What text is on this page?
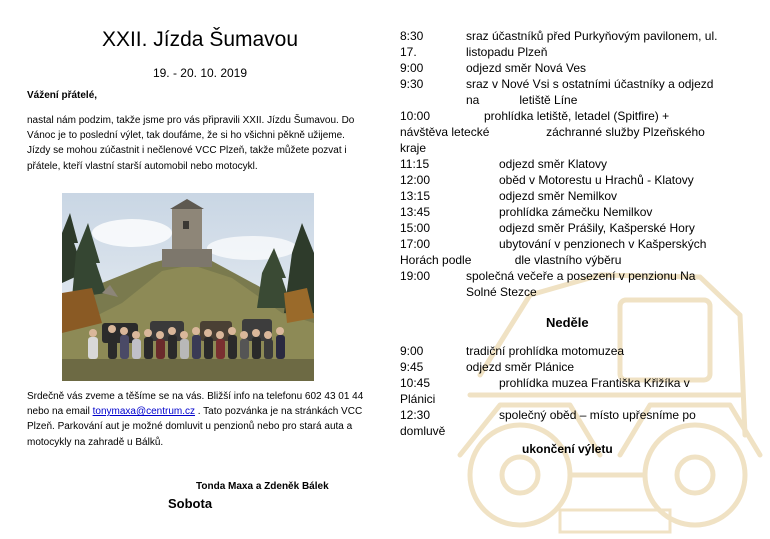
XXII. Jízda Šumavou
19. - 20. 10. 2019
Vážení přátelé,
nastal nám podzim, takže jsme pro vás připravili XXII. Jízdu Šumavou. Do Vánoc je to poslední výlet, tak doufáme, že si ho všichni pěkně užijeme. Jízdy se mohou zúčastnit i nečlenové VCC Plzeň, takže můžete pozvat i přátele, kteří vlastní starší automobil nebo motocykl.
Srdečně vás zveme a těšíme se na vás. Bližší info na telefonu 602 43 01 44 nebo na email tonymaxa@centrum.cz . Tato pozvánka je na stránkách VCC Plzeň. Parkování aut je možné domluvit u penzionů nebo pro stará auta a motocykly na zahradě u Bálků.
Tonda Maxa a Zdeněk Bálek
Sobota
8:30	sraz účastníků před Purkyňovým pavilonem, ul.
17.	listopadu Plzeň
9:00	odjezd směr Nová Ves
9:30	sraz v Nové Vsi s ostatními účastníky a odjezd
na            letiště Líne
10:00	prohlídka letiště, letadel (Spitfire) +
návštěva letecké                 záchranné služby Plzeňského
kraje
11:15	odjezd směr Klatovy
12:00	oběd v Motorestu u Hrachů - Klatovy
13:15	odjezd směr Nemilkov
13:45	prohlídka zámečku Nemilkov
15:00	odjezd směr Prášily, Kašperské Hory
17:00	ubytování v penzionech v Kašperských
Horách podle             dle vlastního výběru
19:00	společná večeře a posezení v penzionu Na
Solné Stezce
Neděle
9:00	tradiční prohlídka motomuzea
9:45	odjezd směr Plánice
10:45	prohlídka muzea Františka Křižíka v
Plánici
12:30	společný oběd – místo upřesníme po
domluvě
ukončení výletu
